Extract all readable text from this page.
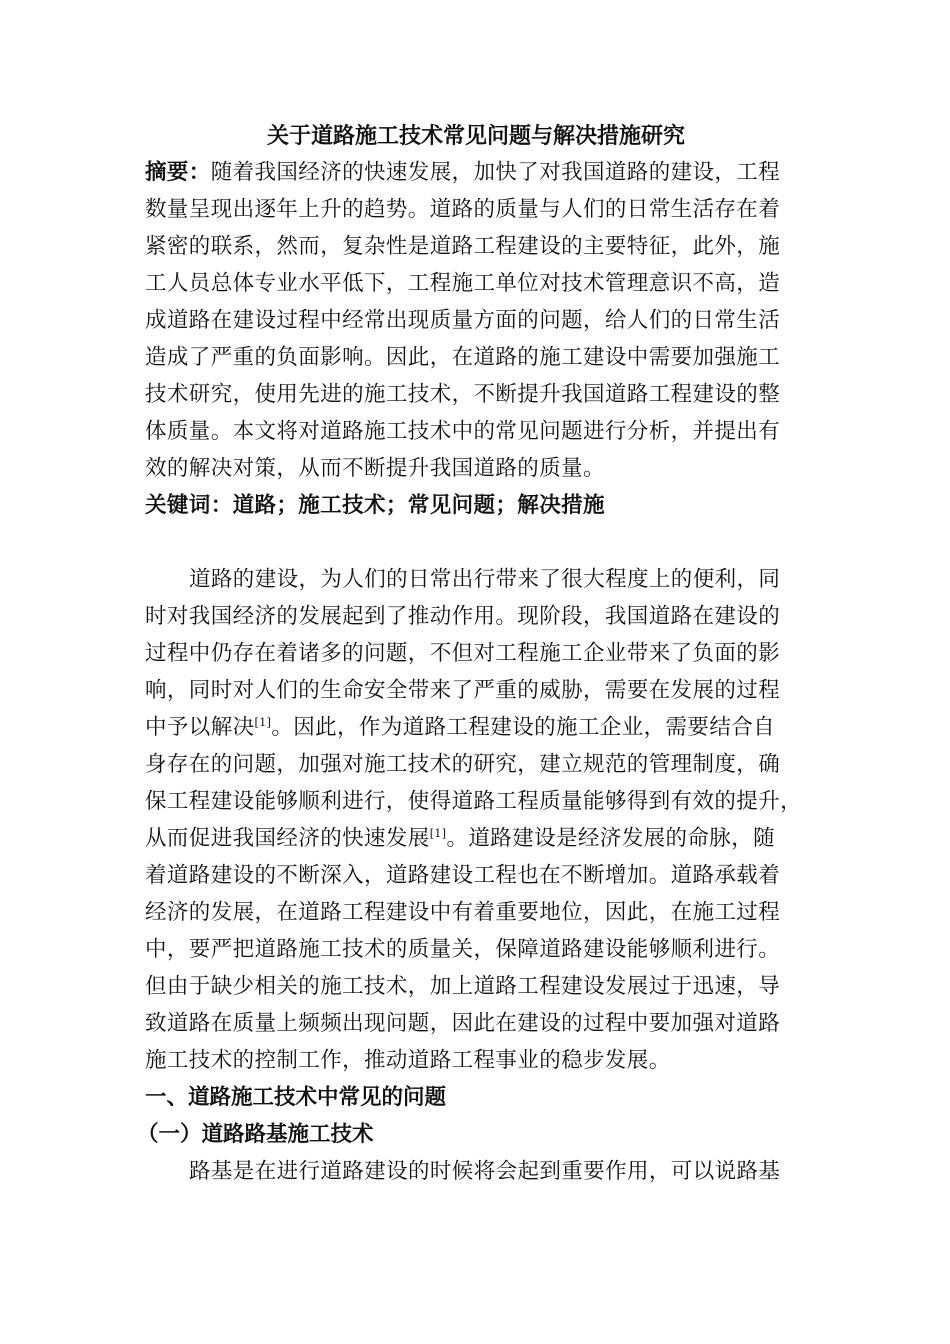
关于道路施工技术常见问题与解决措施研究
摘要：随着我国经济的快速发展，加快了对我国道路的建设，工程
数量呈现出逐年上升的趋势。道路的质量与人们的日常生活存在着
紧密的联系，然而，复杂性是道路工程建设的主要特征，此外，施
工人员总体专业水平低下，工程施工单位对技术管理意识不高，造
成道路在建设过程中经常出现质量方面的问题，给人们的日常生活
造成了严重的负面影响。因此，在道路的施工建设中需要加强施工
技术研究，使用先进的施工技术，不断提升我国道路工程建设的整
体质量。本文将对道路施工技术中的常见问题进行分析，并提出有
效的解决对策，从而不断提升我国道路的质量。
关键词：道路；施工技术；常见问题；解决措施
道路的建设，为人们的日常出行带来了很大程度上的便利，同
时对我国经济的发展起到了推动作用。现阶段，我国道路在建设的
过程中仍存在着诸多的问题，不但对工程施工企业带来了负面的影
响，同时对人们的生命安全带来了严重的威胁，需要在发展的过程
中予以解决[1]。因此，作为道路工程建设的施工企业，需要结合自
身存在的问题，加强对施工技术的研究，建立规范的管理制度，确
保工程建设能够顺利进行，使得道路工程质量能够得到有效的提升，
从而促进我国经济的快速发展[1]。道路建设是经济发展的命脉，随
着道路建设的不断深入，道路建设工程也在不断增加。道路承载着
经济的发展，在道路工程建设中有着重要地位，因此，在施工过程
中，要严把道路施工技术的质量关，保障道路建设能够顺利进行。
但由于缺少相关的施工技术，加上道路工程建设发展过于迅速，导
致道路在质量上频频出现问题，因此在建设的过程中要加强对道路
施工技术的控制工作，推动道路工程事业的稳步发展。
一、道路施工技术中常见的问题
（一）道路路基施工技术
路基是在进行道路建设的时候将会起到重要作用，可以说路基
